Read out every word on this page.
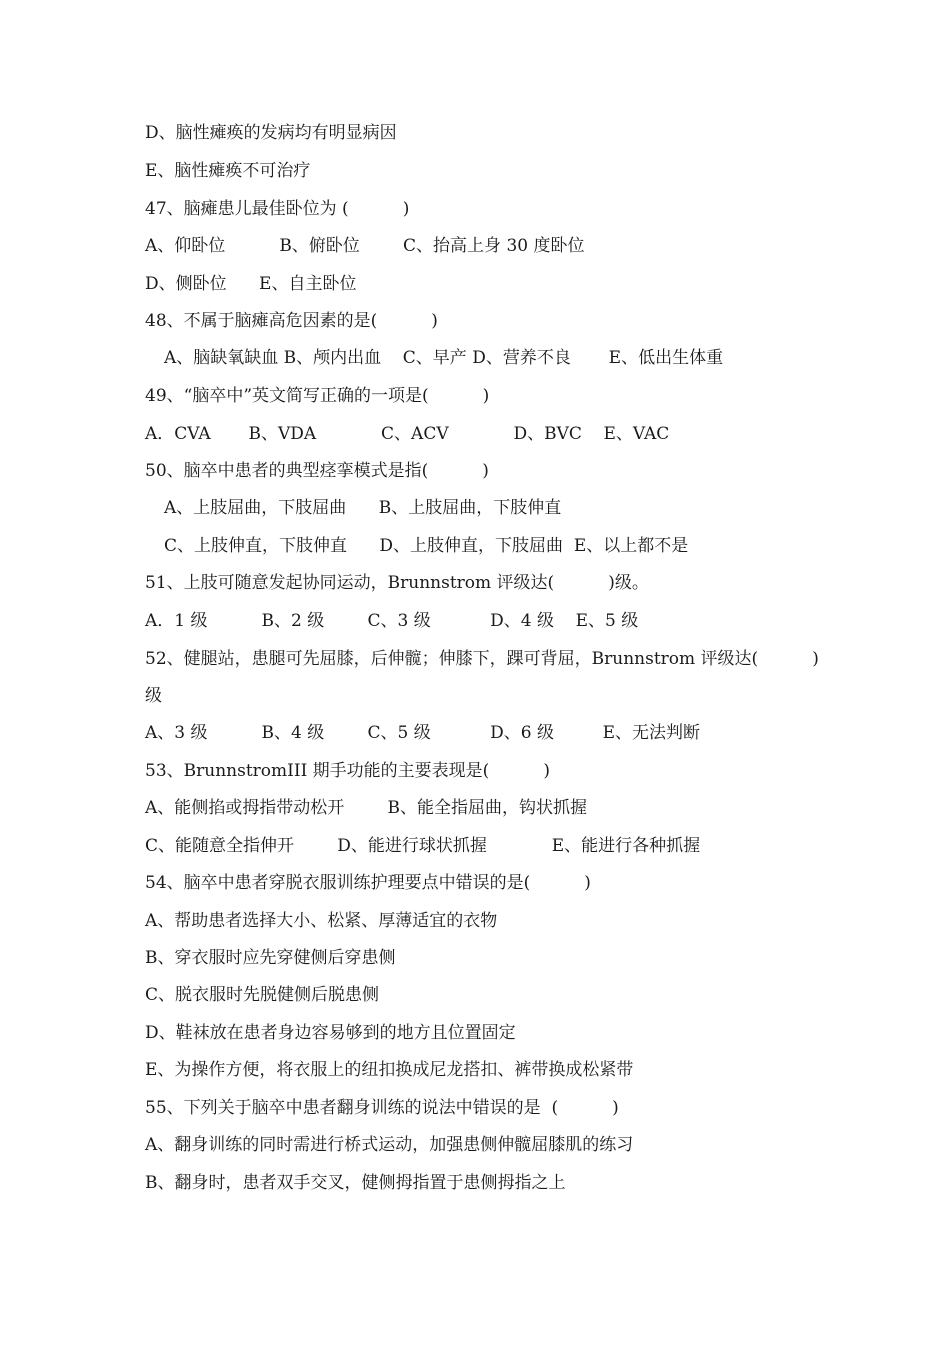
D、脑性瘫痪的发病均有明显病因
E、脑性瘫痪不可治疗
47、脑瘫患儿最佳卧位为 (          )
A、仰卧位          B、俯卧位        C、抬高上身 30 度卧位
D、侧卧位      E、自主卧位
48、不属于脑瘫高危因素的是(          )
A、脑缺氧缺血 B、颅内出血    C、早产 D、营养不良       E、低出生体重
49、“脑卒中”英文简写正确的一项是(          )
A．CVA       B、VDA            C、ACV            D、BVC    E、VAC
50、脑卒中患者的典型痉挛模式是指(          )
A、上肢屈曲，下肢屈曲      B、上肢屈曲，下肢伸直
C、上肢伸直，下肢伸直      D、上肢伸直，下肢屈曲  E、以上都不是
51、上肢可随意发起协同运动，Brunnstrom 评级达(          )级。
A．1 级          B、2 级        C、3 级           D、4 级    E、5 级
52、健腿站，患腿可先屈膝，后伸髋；伸膝下，踝可背屈，Brunnstrom 评级达(          )
级
A、3 级          B、4 级        C、5 级           D、6 级         E、无法判断
53、BrunnstromIII 期手功能的主要表现是(          )
A、能侧掐或拇指带动松开        B、能全指屈曲，钩状抓握
C、能随意全指伸开        D、能进行球状抓握            E、能进行各种抓握
54、脑卒中患者穿脱衣服训练护理要点中错误的是(          )
A、帮助患者选择大小、松紧、厚薄适宜的衣物
B、穿衣服时应先穿健侧后穿患侧
C、脱衣服时先脱健侧后脱患侧
D、鞋袜放在患者身边容易够到的地方且位置固定
E、为操作方便，将衣服上的纽扣换成尼龙搭扣、裤带换成松紧带
55、下列关于脑卒中患者翻身训练的说法中错误的是  (          )
A、翻身训练的同时需进行桥式运动，加强患侧伸髋屈膝肌的练习
B、翻身时，患者双手交叉，健侧拇指置于患侧拇指之上
